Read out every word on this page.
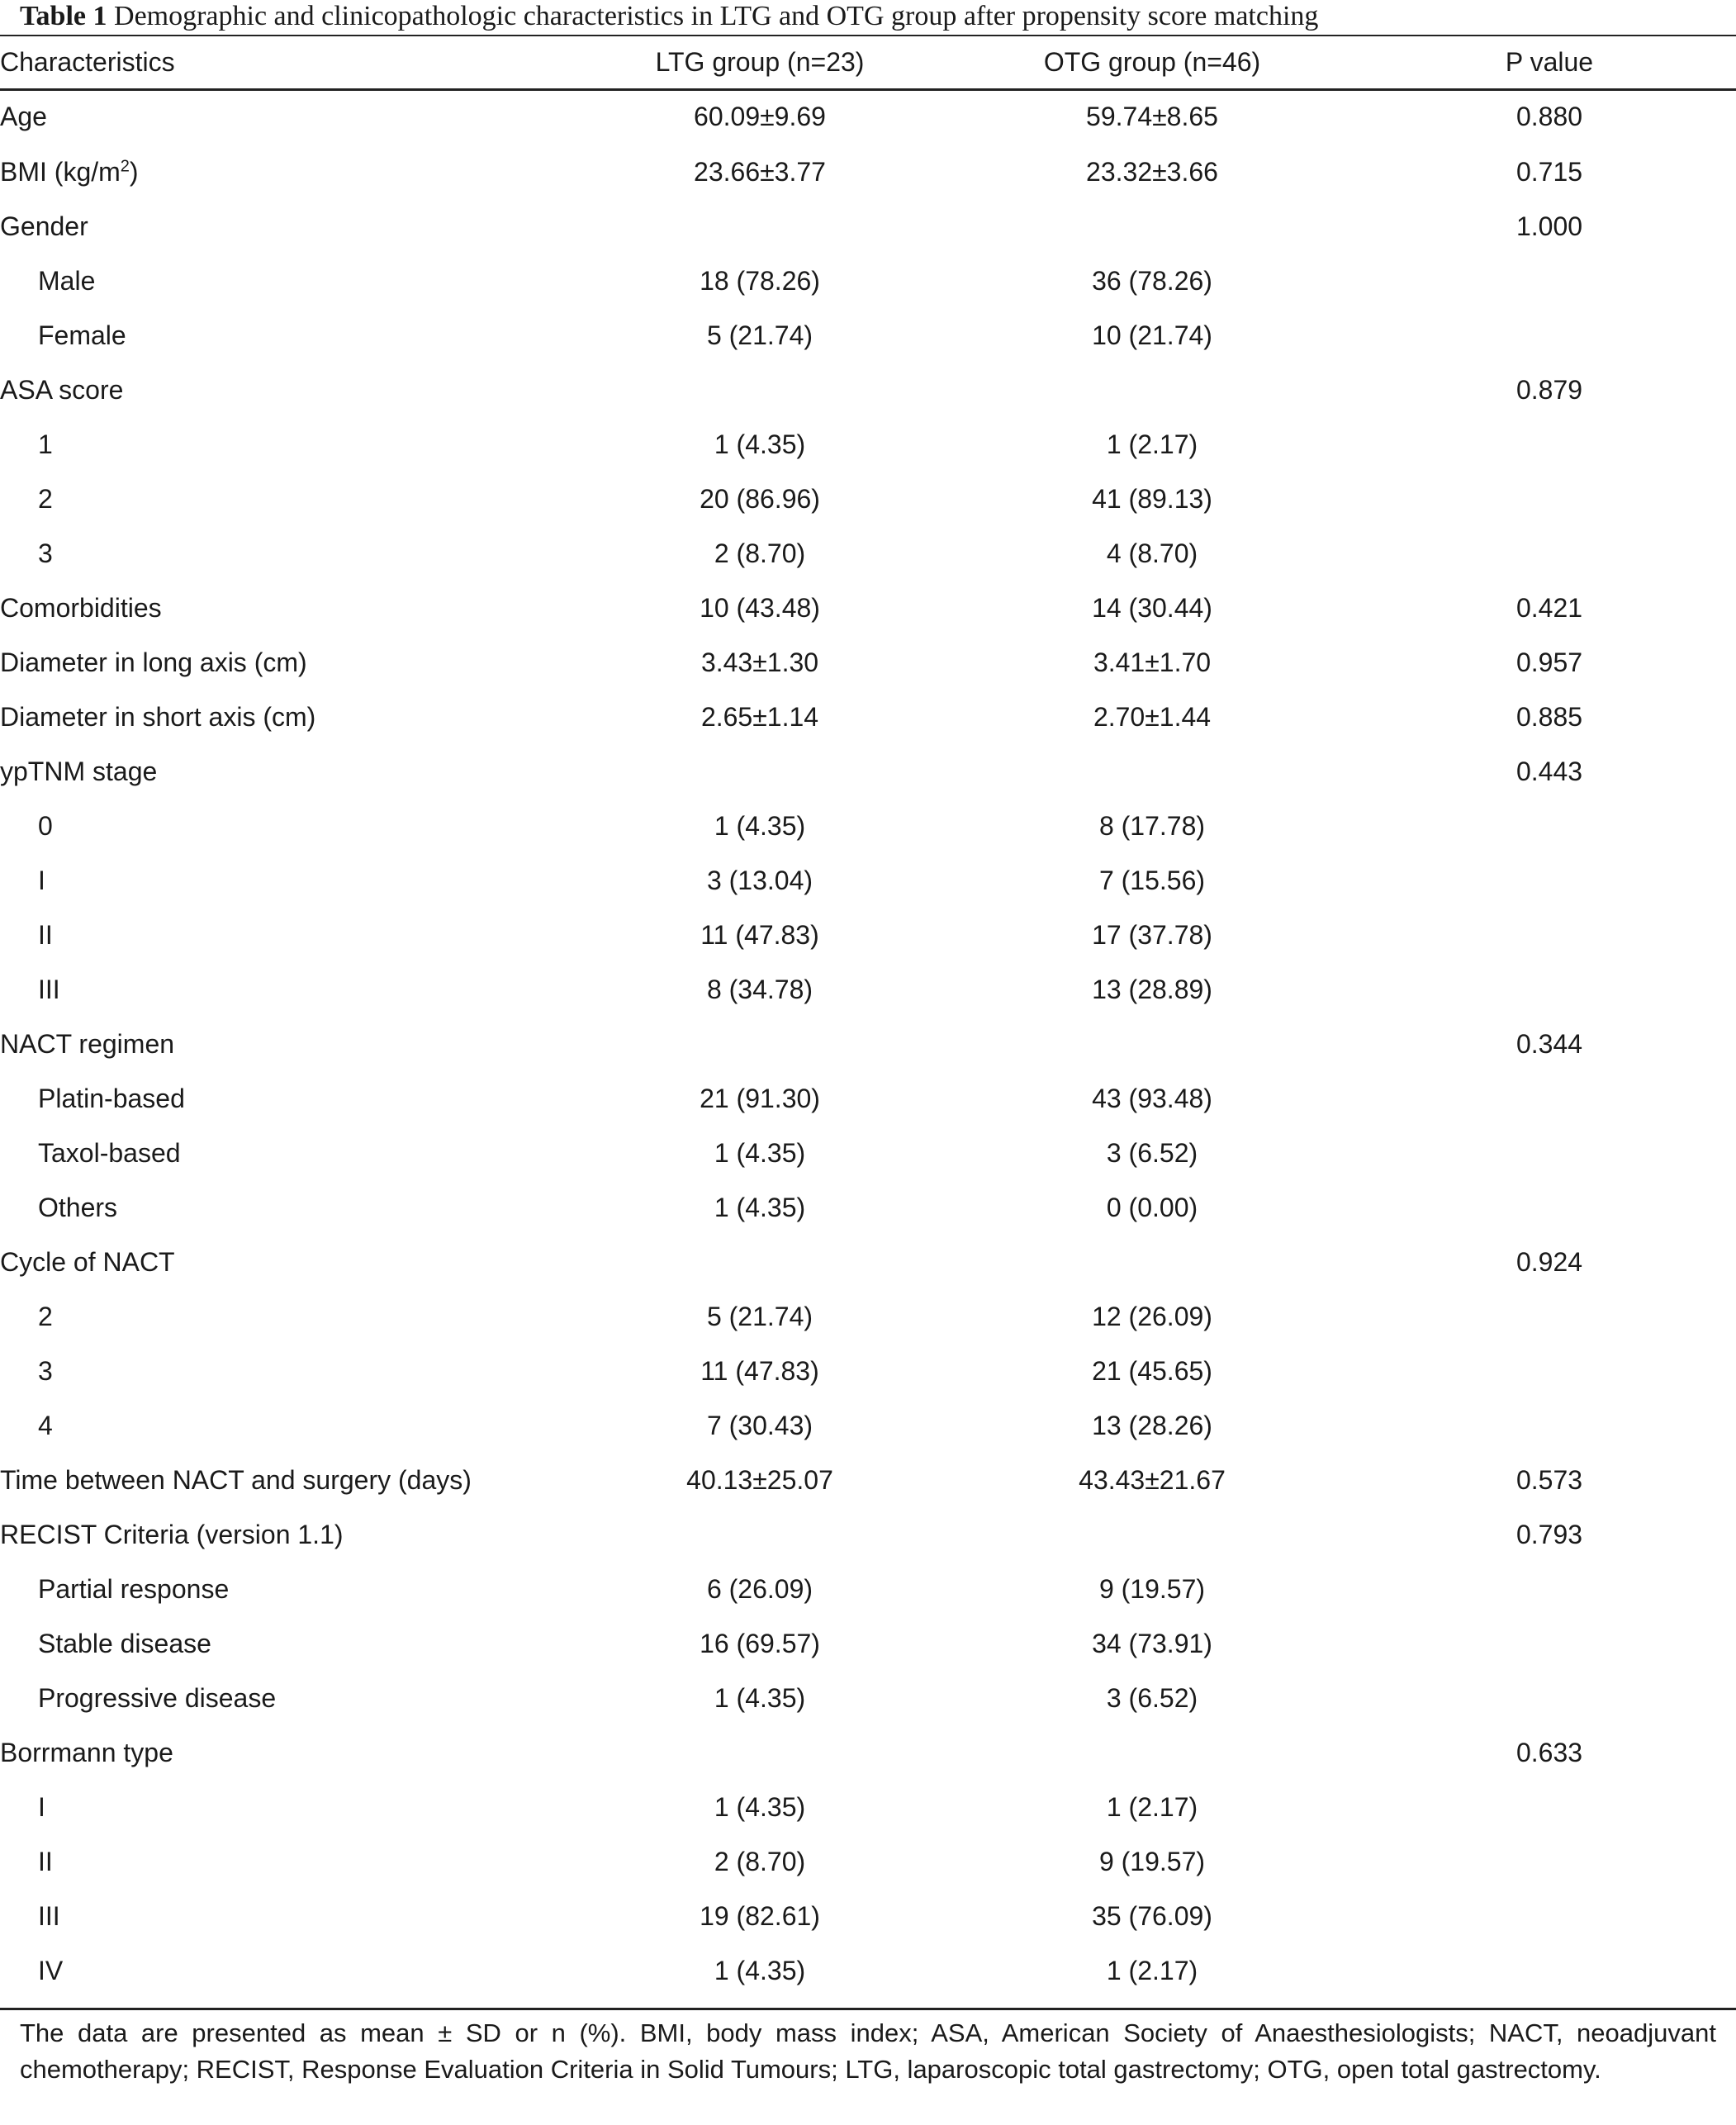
Table 1 Demographic and clinicopathologic characteristics in LTG and OTG group after propensity score matching
Characteristics	LTG group (n=23)	OTG group (n=46)	P value
Age	60.09±9.69	59.74±8.65	0.880
BMI $(kg/m^2)$	23.66±3.77	23.32±3.66	0.715
Gender			1.000
Male	18 (78.26)	36 (78.26)	
Female	5 (21.74)	10 (21.74)	
ASA score			0.879
1	1 (4.35)	1 (2.17)	
2	20 (86.96)	41 (89.13)	
3	2 (8.70)	4 (8.70)	
Comorbidities	10 (43.48)	14 (30.44)	0.421
Diameter in long axis (cm)	3.43±1.30	3.41±1.70	0.957
Diameter in short axis (cm)	2.65±1.14	2.70±1.44	0.885
ypTNM stage			0.443
0	1 (4.35)	8 (17.78)	
I	3 (13.04)	7 (15.56)	
II	11 (47.83)	17 (37.78)	
III	8 (34.78)	13 (28.89)	
NACT regimen			0.344
Platin-based	21 (91.30)	43 (93.48)	
Taxol-based	1 (4.35)	3 (6.52)	
Others	1 (4.35)	0 (0.00)	
Cycle of NACT			0.924
2	5 (21.74)	12 (26.09)	
3	11 (47.83)	21 (45.65)	
4	7 (30.43)	13 (28.26)	
Time between NACT and surgery (days)	40.13±25.07	43.43±21.67	0.573
RECIST Criteria (version 1.1)			0.793
Partial response	6 (26.09)	9 (19.57)	
Stable disease	16 (69.57)	34 (73.91)	
Progressive disease	1 (4.35)	3 (6.52)	
Borrmann type			0.633
I	1 (4.35)	1 (2.17)	
II	2 (8.70)	9 (19.57)	
III	19 (82.61)	35 (76.09)	
IV	1 (4.35)	1 (2.17)	
The data are presented as mean ± SD or n (%). BMI, body mass index; ASA, American Society of Anaesthesiologists; NACT, neoadjuvant chemotherapy; RECIST, Response Evaluation Criteria in Solid Tumours; LTG, laparoscopic total gastrectomy; OTG, open total gastrectomy.
